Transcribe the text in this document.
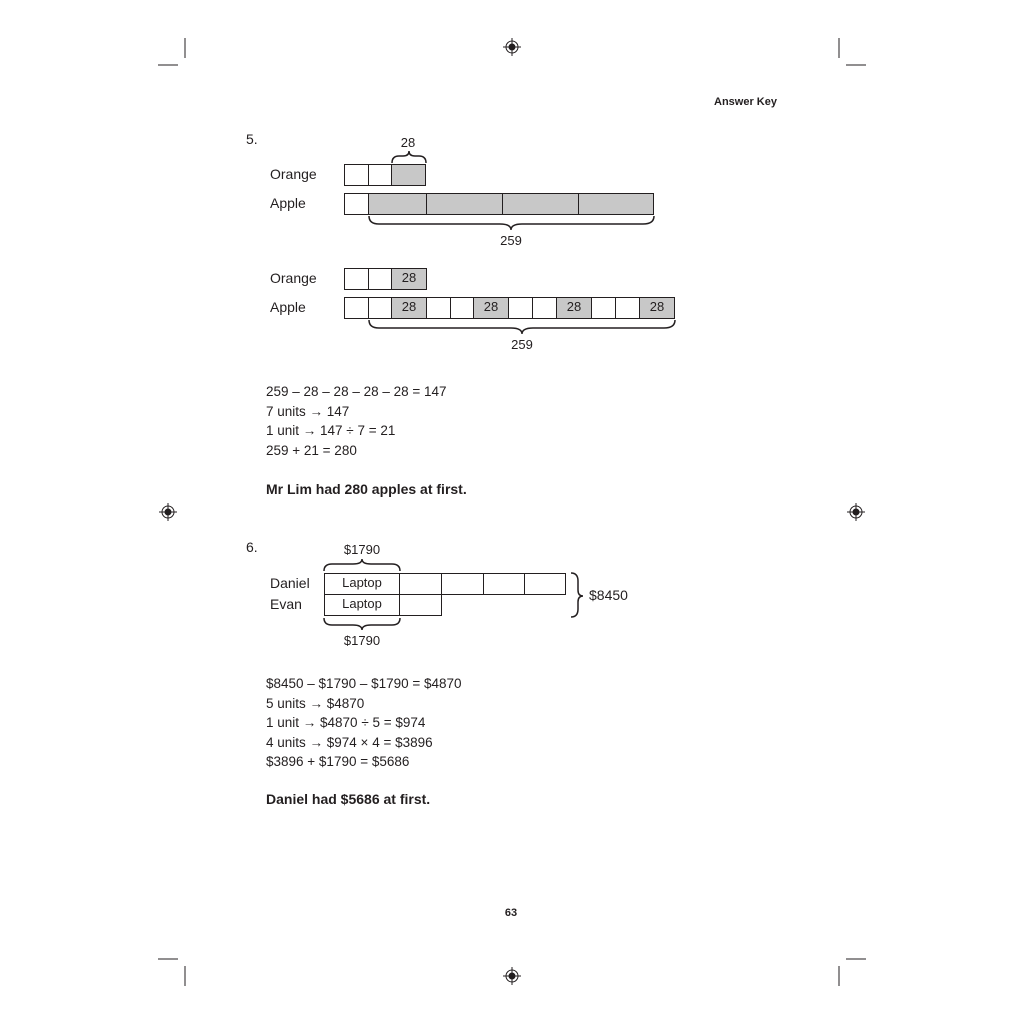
Answer Key
5.
Orange
Apple
28
259
Orange
Apple
28
28	28	28	28
259
259 – 28 – 28 – 28 – 28 = 147
7 units → 147
1 unit → 147 ÷ 7 = 21
259 + 21 = 280
Mr Lim had 280 apples at first.
6.	$1790
Daniel
Evan
Laptop
Laptop
$8450
$1790
$8450 – $1790 – $1790 = $4870
5 units → $4870
1 unit → $4870 ÷ 5 = $974
4 units → $974 × 4 = $3896
$3896 + $1790 = $5686
Daniel had $5686 at first.
63
